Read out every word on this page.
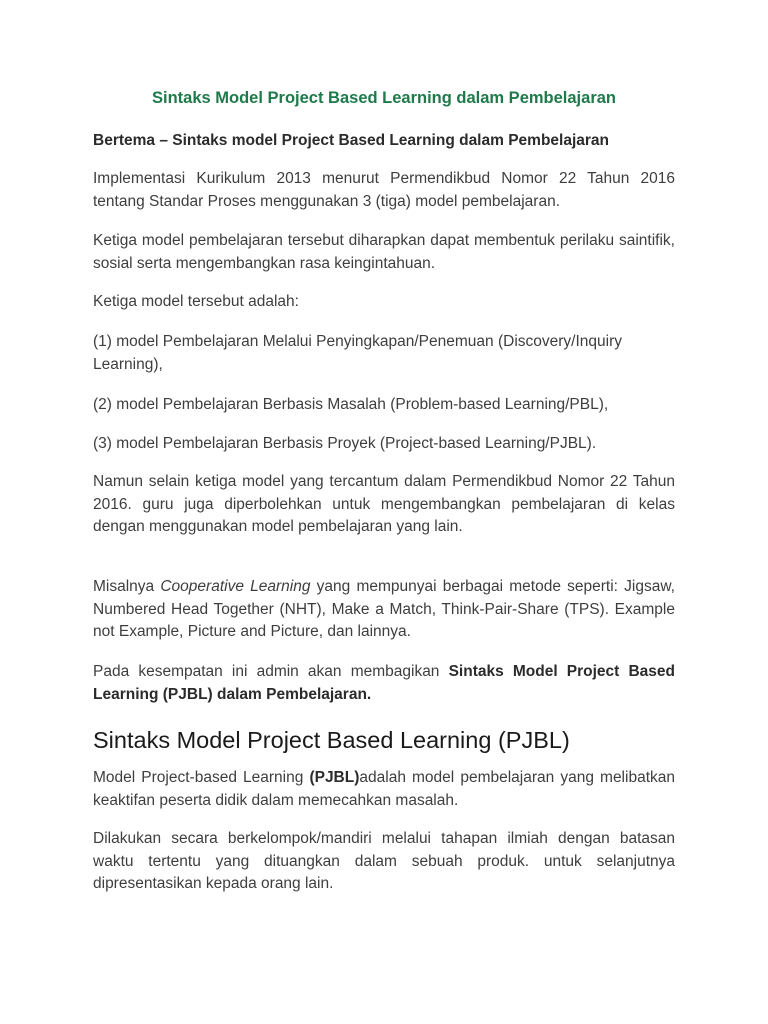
Sintaks Model Project Based Learning dalam Pembelajaran

Bertema – Sintaks model Project Based Learning dalam Pembelajaran

Implementasi Kurikulum 2013 menurut Permendikbud Nomor 22 Tahun 2016 tentang Standar Proses menggunakan 3 (tiga) model pembelajaran.

Ketiga model pembelajaran tersebut diharapkan dapat membentuk perilaku saintifik, sosial serta mengembangkan rasa keingintahuan.

Ketiga model tersebut adalah:

(1) model Pembelajaran Melalui Penyingkapan/Penemuan (Discovery/Inquiry Learning),

(2) model Pembelajaran Berbasis Masalah (Problem-based Learning/PBL),

(3) model Pembelajaran Berbasis Proyek (Project-based Learning/PJBL).

Namun selain ketiga model yang tercantum dalam Permendikbud Nomor 22 Tahun 2016. guru juga diperbolehkan untuk mengembangkan pembelajaran di kelas dengan menggunakan model pembelajaran yang lain.

Misalnya Cooperative Learning yang mempunyai berbagai metode seperti: Jigsaw, Numbered Head Together (NHT), Make a Match, Think-Pair-Share (TPS). Example not Example, Picture and Picture, dan lainnya.

Pada kesempatan ini admin akan membagikan Sintaks Model Project Based Learning (PJBL) dalam Pembelajaran.

Sintaks Model Project Based Learning (PJBL)

Model Project-based Learning (PJBL)adalah model pembelajaran yang melibatkan keaktifan peserta didik dalam memecahkan masalah.

Dilakukan secara berkelompok/mandiri melalui tahapan ilmiah dengan batasan waktu tertentu yang dituangkan dalam sebuah produk. untuk selanjutnya dipresentasikan kepada orang lain.
